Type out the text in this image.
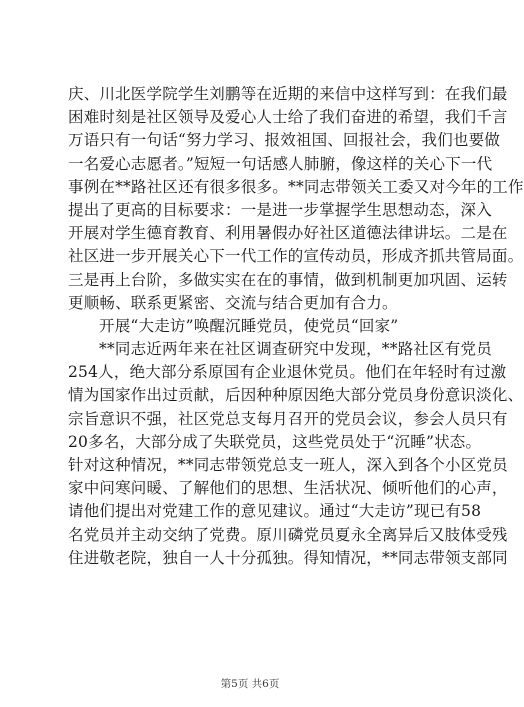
庆、川北医学院学生刘鹏等在近期的来信中这样写到：在我们最
困难时刻是社区领导及爱心人士给了我们奋进的希望，我们千言
万语只有一句话“努力学习、报效祖国、回报社会，我们也要做
一名爱心志愿者。”短短一句话感人肺腑，像这样的关心下一代
事例在**路社区还有很多很多。**同志带领关工委又对今年的工作
提出了更高的目标要求：一是进一步掌握学生思想动态，深入
开展对学生德育教育、利用暑假办好社区道德法律讲坛。二是在
社区进一步开展关心下一代工作的宣传动员，形成齐抓共管局面。
三是再上台阶，多做实实在在的事情，做到机制更加巩固、运转
更顺畅、联系更紧密、交流与结合更加有合力。
开展“大走访”唤醒沉睡党员，使党员“回家”
**同志近两年来在社区调查研究中发现，**路社区有党员
254人，绝大部分系原国有企业退休党员。他们在年轻时有过激
情为国家作出过贡献，后因种种原因绝大部分党员身份意识淡化、
宗旨意识不强，社区党总支每月召开的党员会议，参会人员只有
20多名，大部分成了失联党员，这些党员处于“沉睡”状态。
针对这种情况，**同志带领党总支一班人，深入到各个小区党员
家中问寒问暖、了解他们的思想、生活状况、倾听他们的心声，
请他们提出对党建工作的意见建议。通过“大走访”现已有58
名党员并主动交纳了党费。原川磷党员夏永全离异后又肢体受残
住进敬老院，独自一人十分孤独。得知情况，**同志带领支部同
第5页 共6页
